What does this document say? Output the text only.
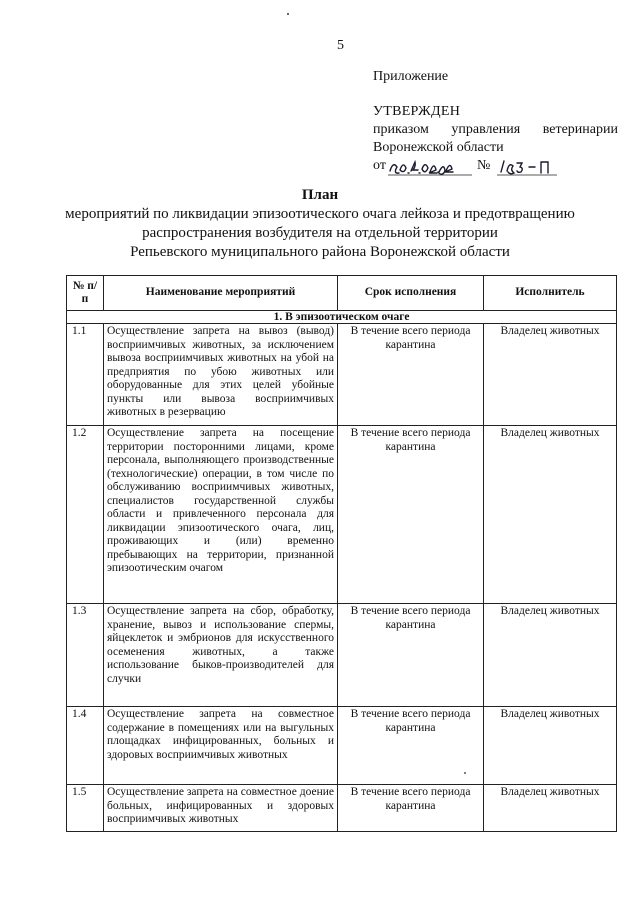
5
Приложение
УТВЕРЖДЕН
приказом управления ветеринарии
Воронежской области
от	№
План
мероприятий по ликвидации эпизоотического очага лейкоза и предотвращению
распространения возбудителя на отдельной территории
Репьевского муниципального района Воронежской области
№ п/п	Наименование мероприятий	Срок исполнения	Исполнитель
1. В эпизоотическом очаге			
1.1	Осуществление запрета на вывоз (вывод) восприимчивых животных, за исключением вывоза восприимчивых животных на убой на предприятия по убою животных или оборудованные для этих целей убойные пункты или вывоза восприимчивых животных в резервацию	В течение всего периода карантина	Владелец животных
1.2	Осуществление запрета на посещение территории посторонними лицами, кроме персонала, выполняющего производственные (технологические) операции, в том числе по обслуживанию восприимчивых животных, специалистов государственной службы области и привлеченного персонала для ликвидации эпизоотического очага, лиц, проживающих и (или) временно пребывающих на территории, признанной эпизоотическим очагом	В течение всего периода карантина	Владелец животных
1.3	Осуществление запрета на сбор, обработку, хранение, вывоз и использование спермы, яйцеклеток и эмбрионов для искусственного осеменения животных, а также использование быков-производителей для случки	В течение всего периода карантина	Владелец животных
1.4	Осуществление запрета на совместное содержание в помещениях или на выгульных площадках инфицированных, больных и здоровых восприимчивых животных	В течение всего периода карантина	Владелец животных
1.5	Осуществление запрета на совместное доение больных, инфицированных и здоровых восприимчивых животных	В течение всего периода карантина	Владелец животных
